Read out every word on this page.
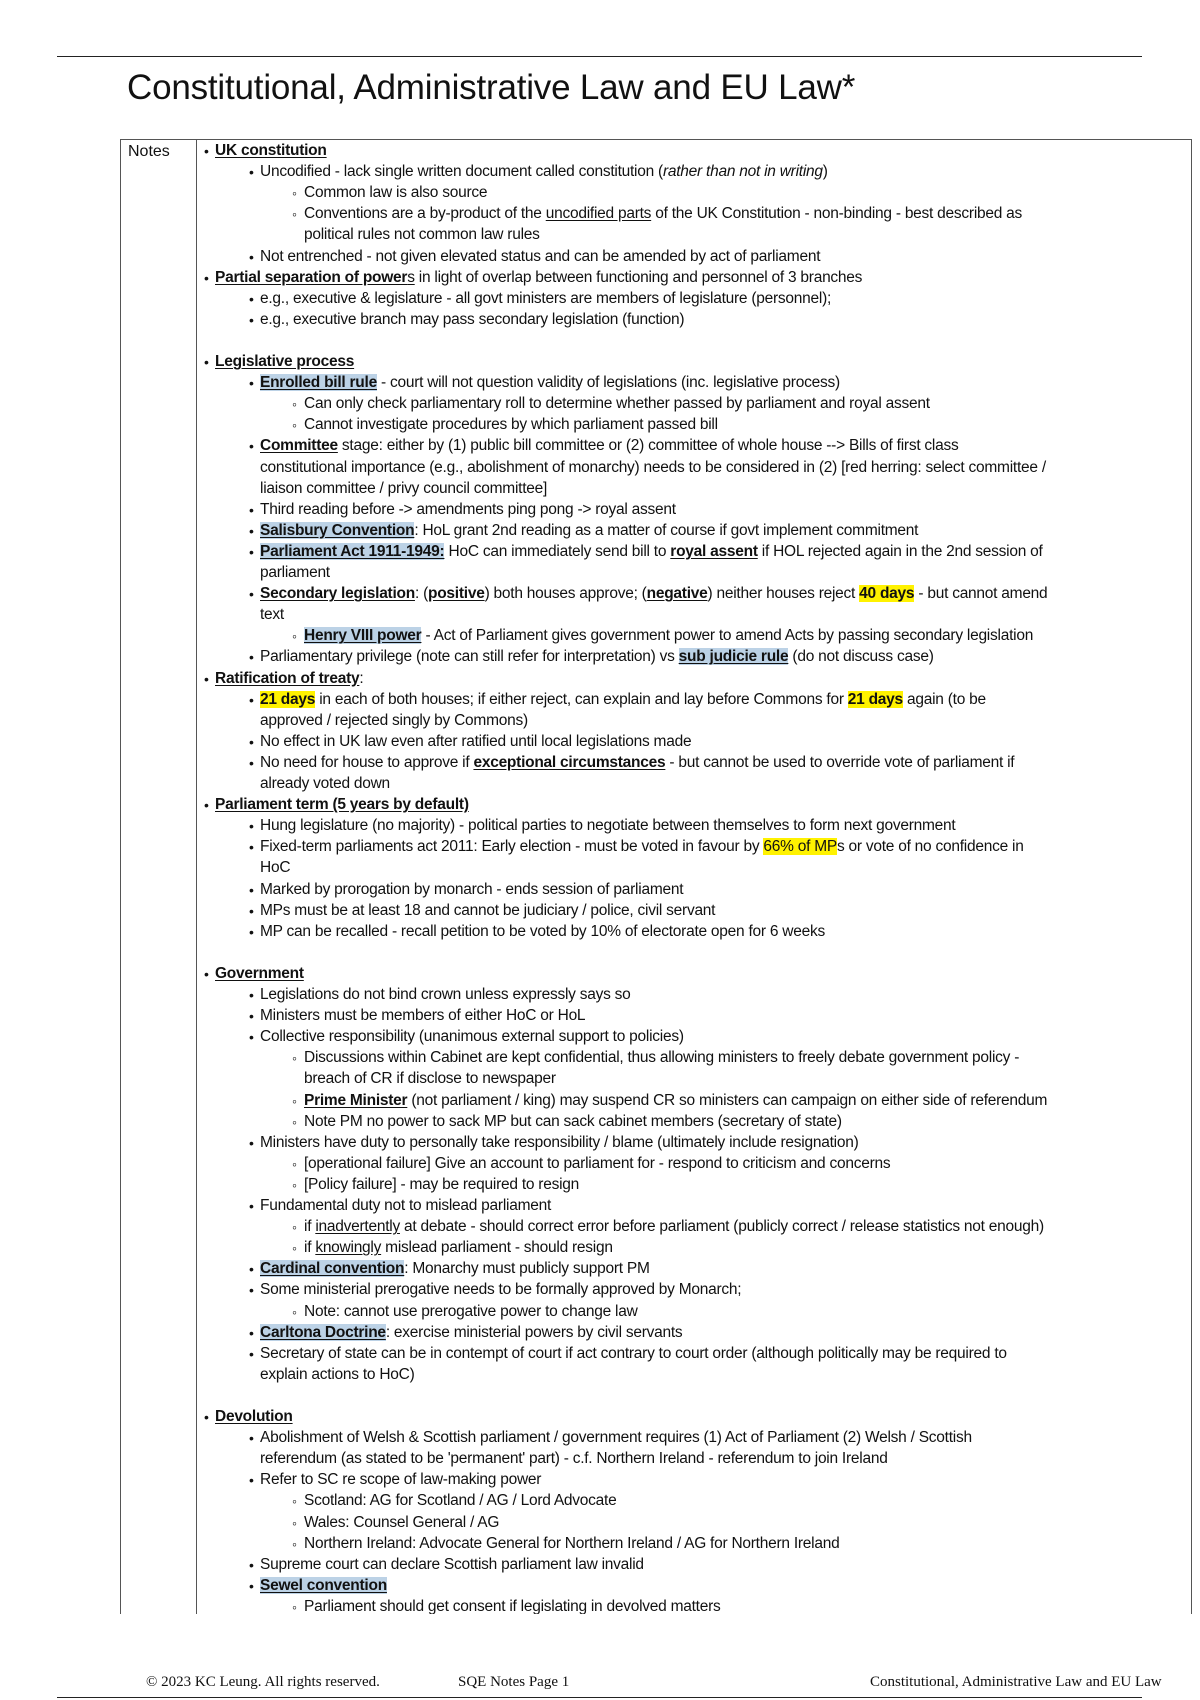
Constitutional, Administrative Law and EU Law*
Notes • UK constitution
• Uncodified - lack single written document called constitution (rather than not in writing)
◦ Common law is also source
◦ Conventions are a by-product of the uncodified parts of the UK Constitution - non-binding - best described as
political rules not common law rules
• Not entrenched - not given elevated status and can be amended by act of parliament
• Partial separation of powers in light of overlap between functioning and personnel of 3 branches
• e.g., executive & legislature - all govt ministers are members of legislature (personnel);
• e.g., executive branch may pass secondary legislation (function)
• Legislative process
• Enrolled bill rule - court will not question validity of legislations (inc. legislative process)
◦ Can only check parliamentary roll to determine whether passed by parliament and royal assent
◦ Cannot investigate procedures by which parliament passed bill
• Committee stage: either by (1) public bill committee or (2) committee of whole house --> Bills of first class
constitutional importance (e.g., abolishment of monarchy) needs to be considered in (2) [red herring: select committee /
liaison committee / privy council committee]
• Third reading before -> amendments ping pong -> royal assent
• Salisbury Convention: HoL grant 2nd reading as a matter of course if govt implement commitment
• Parliament Act 1911-1949: HoC can immediately send bill to royal assent if HOL rejected again in the 2nd session of
parliament
• Secondary legislation: (positive) both houses approve; (negative) neither houses reject 40 days - but cannot amend
text
◦ Henry VIII power - Act of Parliament gives government power to amend Acts by passing secondary legislation
• Parliamentary privilege (note can still refer for interpretation) vs sub judicie rule (do not discuss case)
• Ratification of treaty:
• 21 days in each of both houses; if either reject, can explain and lay before Commons for 21 days again (to be
approved / rejected singly by Commons)
• No effect in UK law even after ratified until local legislations made
• No need for house to approve if exceptional circumstances - but cannot be used to override vote of parliament if
already voted down
• Parliament term (5 years by default)
• Hung legislature (no majority) - political parties to negotiate between themselves to form next government
• Fixed-term parliaments act 2011: Early election - must be voted in favour by 66% of MPs or vote of no confidence in
HoC
• Marked by prorogation by monarch - ends session of parliament
• MPs must be at least 18 and cannot be judiciary / police, civil servant
• MP can be recalled - recall petition to be voted by 10% of electorate open for 6 weeks
• Government
• Legislations do not bind crown unless expressly says so
• Ministers must be members of either HoC or HoL
• Collective responsibility (unanimous external support to policies)
◦ Discussions within Cabinet are kept confidential, thus allowing ministers to freely debate government policy -
breach of CR if disclose to newspaper
◦ Prime Minister (not parliament / king) may suspend CR so ministers can campaign on either side of referendum
◦ Note PM no power to sack MP but can sack cabinet members (secretary of state)
• Ministers have duty to personally take responsibility / blame (ultimately include resignation)
◦ [operational failure] Give an account to parliament for - respond to criticism and concerns
◦ [Policy failure] - may be required to resign
• Fundamental duty not to mislead parliament
◦ if inadvertently at debate - should correct error before parliament (publicly correct / release statistics not enough)
◦ if knowingly mislead parliament - should resign
• Cardinal convention: Monarchy must publicly support PM
• Some ministerial prerogative needs to be formally approved by Monarch;
◦ Note: cannot use prerogative power to change law
• Carltona Doctrine: exercise ministerial powers by civil servants
• Secretary of state can be in contempt of court if act contrary to court order (although politically may be required to
explain actions to HoC)
• Devolution
• Abolishment of Welsh & Scottish parliament / government requires (1) Act of Parliament (2) Welsh / Scottish
referendum (as stated to be 'permanent' part) - c.f. Northern Ireland - referendum to join Ireland
• Refer to SC re scope of law-making power
◦ Scotland: AG for Scotland / AG / Lord Advocate
◦ Wales: Counsel General / AG
◦ Northern Ireland: Advocate General for Northern Ireland / AG for Northern Ireland
• Supreme court can declare Scottish parliament law invalid
• Sewel convention
◦ Parliament should get consent if legislating in devolved matters
© 2023 KC Leung. All rights reserved.	SQE Notes Page 1	Constitutional, Administrative Law and EU Law
